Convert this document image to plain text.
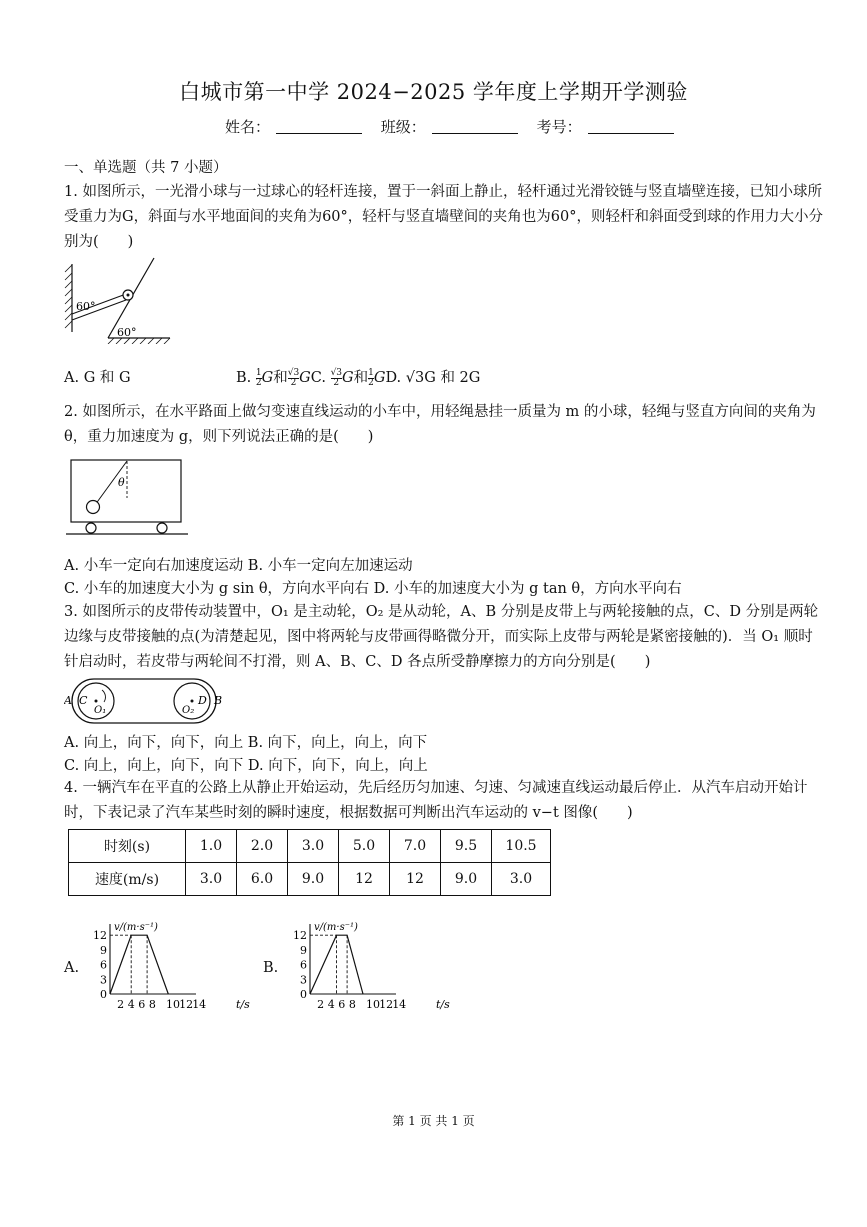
白城市第一中学 2024−2025 学年度上学期开学测验
姓名：	班级：	考号：
一、单选题（共 7 小题）
1. 如图所示，一光滑小球与一过球心的轻杆连接，置于一斜面上静止，轻杆通过光滑铰链与竖直墙壁连接，已知小球所受重力为G，斜面与水平地面间的夹角为60°，轻杆与竖直墙壁间的夹角也为60°，则轻杆和斜面受到球的作用力大小分别为(　　)
60°
60°
A. G 和 G	B. $\frac{1}{2}$ G和 $\frac{√3}{2}$ GC. $\frac{√3}{2}$ G和 $\frac{1}{2}$ GD. √3G 和 2G
2. 如图所示，在水平路面上做匀变速直线运动的小车中，用轻绳悬挂一质量为 m 的小球，轻绳与竖直方向间的夹角为 θ，重力加速度为 g，则下列说法正确的是(　　)
θ
A. 小车一定向右加速度运动 B. 小车一定向左加速运动
C. 小车的加速度大小为 g sin θ，方向水平向右 D. 小车的加速度大小为 g tan θ，方向水平向右
3. 如图所示的皮带传动装置中，O₁ 是主动轮，O₂ 是从动轮，A、B 分别是皮带上与两轮接触的点，C、D 分别是两轮边缘与皮带接触的点(为清楚起见，图中将两轮与皮带画得略微分开，而实际上皮带与两轮是紧密接触的)．当 O₁ 顺时针启动时，若皮带与两轮间不打滑，则 A、B、C、D 各点所受静摩擦力的方向分别是(　　)
A C
O₁	O₂
D B
A. 向上，向下，向下，向上 B. 向下，向上，向上，向下
C. 向上，向上，向下，向下 D. 向下，向下，向上，向上
4. 一辆汽车在平直的公路上从静止开始运动，先后经历匀加速、匀速、匀减速直线运动最后停止．从汽车启动开始计时，下表记录了汽车某些时刻的瞬时速度，根据数据可判断出汽车运动的 v−t 图像(　　)
时刻(s)	1.0	2.0	3.0	5.0	7.0	9.5	10.5
速度(m/s)	3.0	6.0	9.0	12	12	9.0	3.0
A.
v/(m·s⁻¹)
t/s
12
9
6
3
0
2 4 6 8 10 12 14
B.
v/(m·s⁻¹)
t/s
12
9
6
3
0
2 4 6 8 10 12 14
第 1 页 共 1 页
